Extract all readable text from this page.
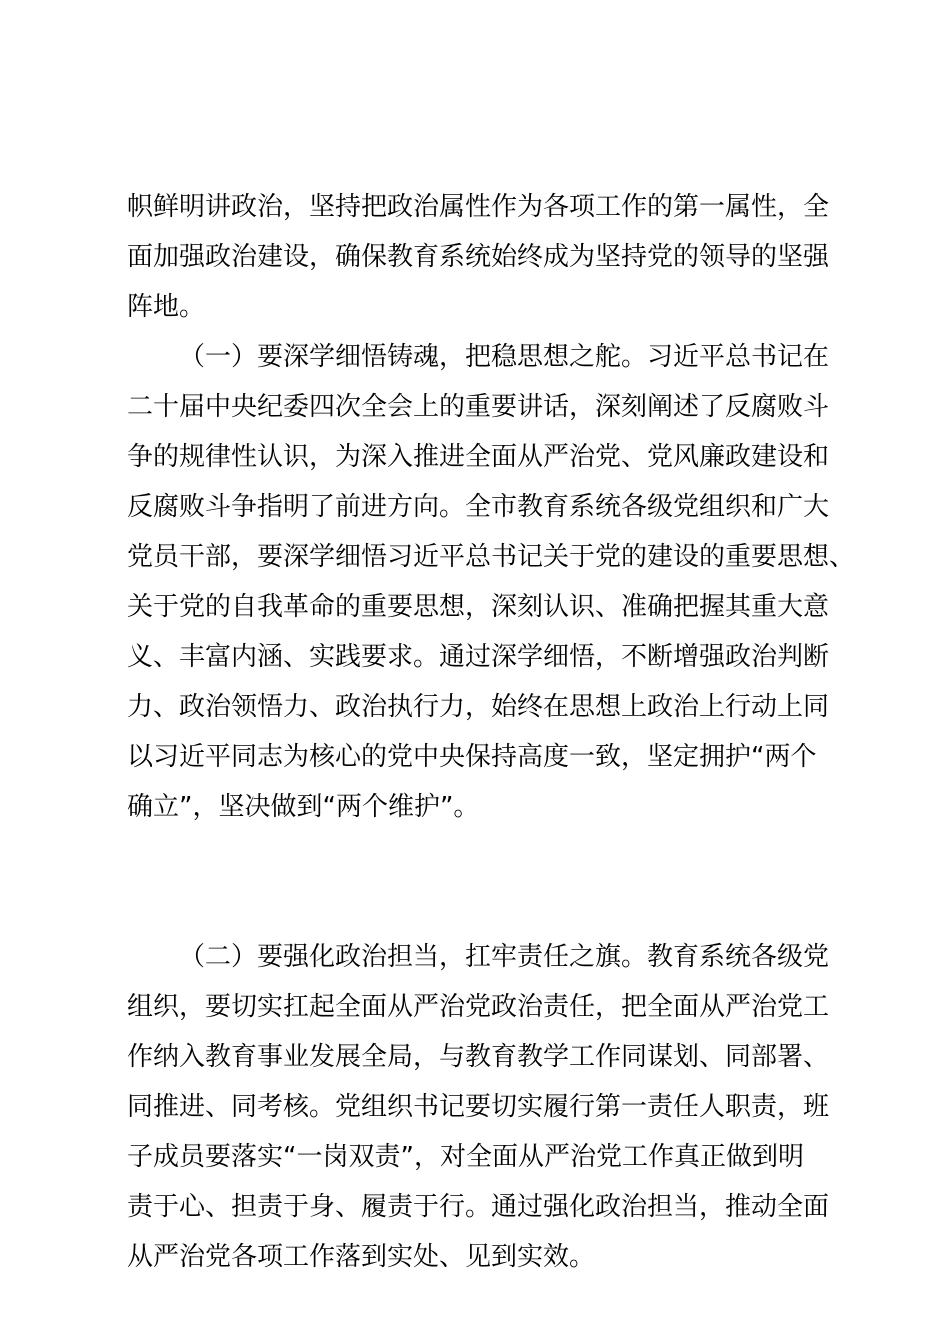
帜鲜明讲政治，坚持把政治属性作为各项工作的第一属性，全
面加强政治建设，确保教育系统始终成为坚持党的领导的坚强
阵地。
（一）要深学细悟铸魂，把稳思想之舵。习近平总书记在
二十届中央纪委四次全会上的重要讲话，深刻阐述了反腐败斗
争的规律性认识，为深入推进全面从严治党、党风廉政建设和
反腐败斗争指明了前进方向。全市教育系统各级党组织和广大
党员干部，要深学细悟习近平总书记关于党的建设的重要思想、
关于党的自我革命的重要思想，深刻认识、准确把握其重大意
义、丰富内涵、实践要求。通过深学细悟，不断增强政治判断
力、政治领悟力、政治执行力，始终在思想上政治上行动上同
以习近平同志为核心的党中央保持高度一致，坚定拥护“两个
确立”，坚决做到“两个维护”。
（二）要强化政治担当，扛牢责任之旗。教育系统各级党
组织，要切实扛起全面从严治党政治责任，把全面从严治党工
作纳入教育事业发展全局，与教育教学工作同谋划、同部署、
同推进、同考核。党组织书记要切实履行第一责任人职责，班
子成员要落实“一岗双责”，对全面从严治党工作真正做到明
责于心、担责于身、履责于行。通过强化政治担当，推动全面
从严治党各项工作落到实处、见到实效。
